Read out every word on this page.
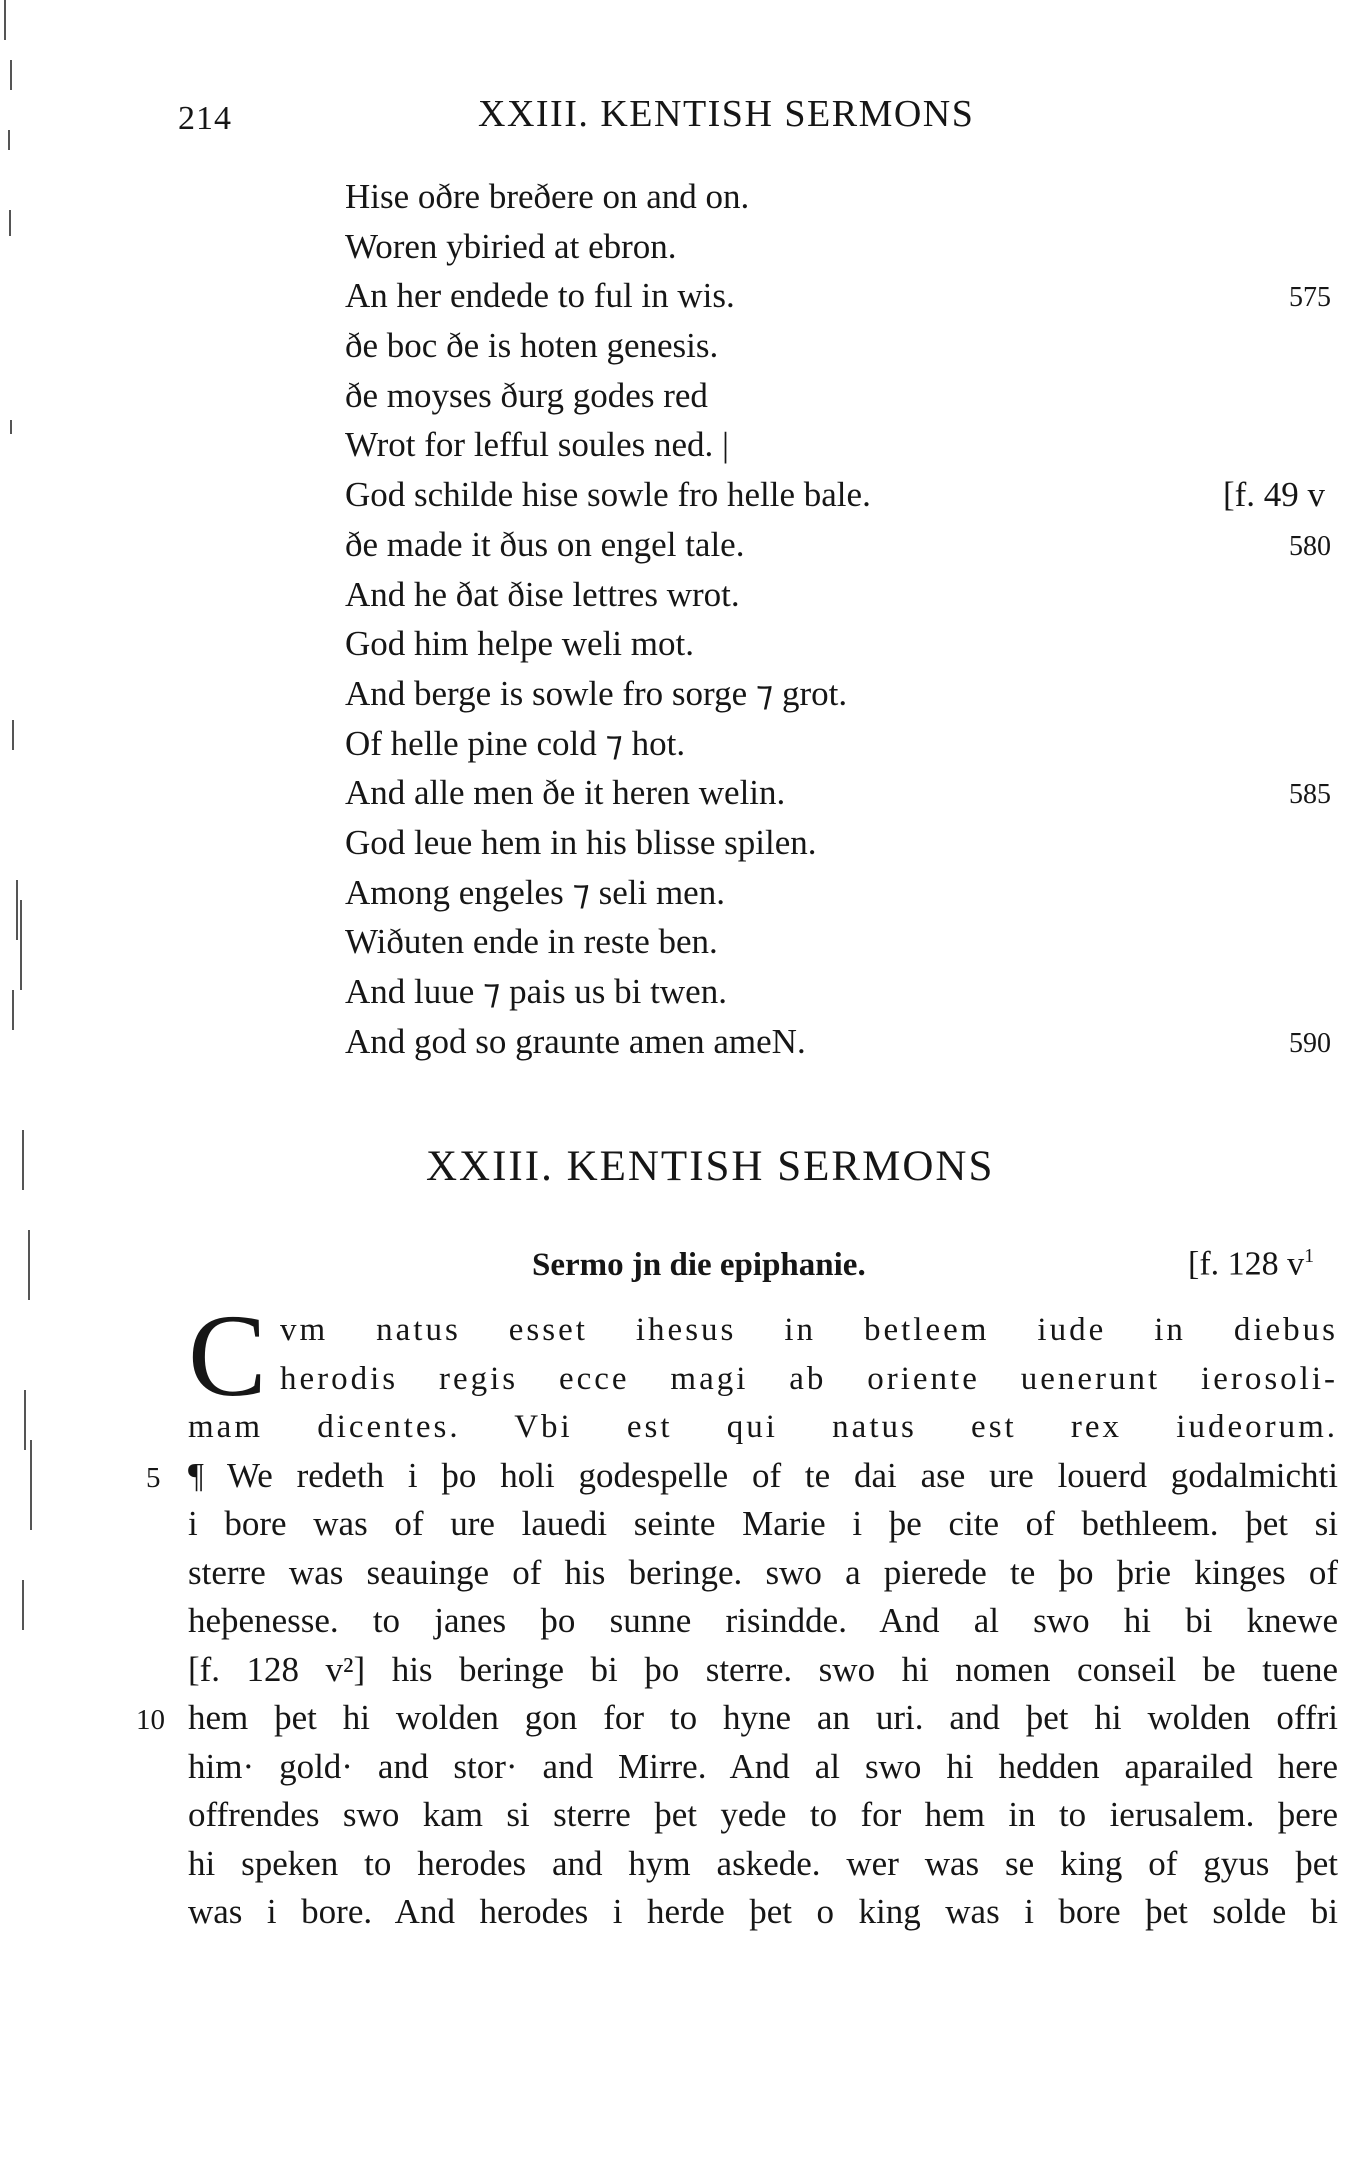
214	XXIII. KENTISH SERMONS
Hise oðre breðere on and on.
Woren ybiried at ebron.
An her endede to ful in wis.	575
ðe boc ðe is hoten genesis.
ðe moyses ðurg godes red
Wrot for lefful soules ned. |
God schilde hise sowle fro helle bale.	[f. 49 v
ðe made it ðus on engel tale.	580
And he ðat ðise lettres wrot.
God him helpe weli mot.
And berge is sowle fro sorge ⁊ grot.
Of helle pine cold ⁊ hot.
And alle men ðe it heren welin.	585
God leue hem in his blisse spilen.
Among engeles ⁊ seli men.
Wiðuten ende in reste ben.
And luue ⁊ pais us bi twen.
And god so graunte amen ameN.	590
XXIII. KENTISH SERMONS
Sermo jn die epiphanie.	[f. 128 $v^1$
C vm natus esset ihesus in betleem iude in diebus
herodis regis ecce magi ab oriente uenerunt ierosoli-
mam dicentes. Vbi est qui natus est rex iudeorum.
¶ We redeth i þo holi godespelle of te dai ase ure louerd godalmichti
5
i bore was of ure lauedi seinte Marie i þe cite of bethleem. þet si
sterre was seauinge of his beringe. swo a pierede te þo þrie kinges of
heþenesse. to janes þo sunne risindde. And al swo hi bi knewe
[f. 128 v²] his beringe bi þo sterre. swo hi nomen conseil be tuene
hem þet hi wolden gon for to hyne an uri. and þet hi wolden offri
10
him· gold· and stor· and Mirre. And al swo hi hedden aparailed here
offrendes swo kam si sterre þet yede to for hem in to ierusalem. þere
hi speken to herodes and hym askede. wer was se king of gyus þet
was i bore. And herodes i herde þet o king was i bore þet solde bi
